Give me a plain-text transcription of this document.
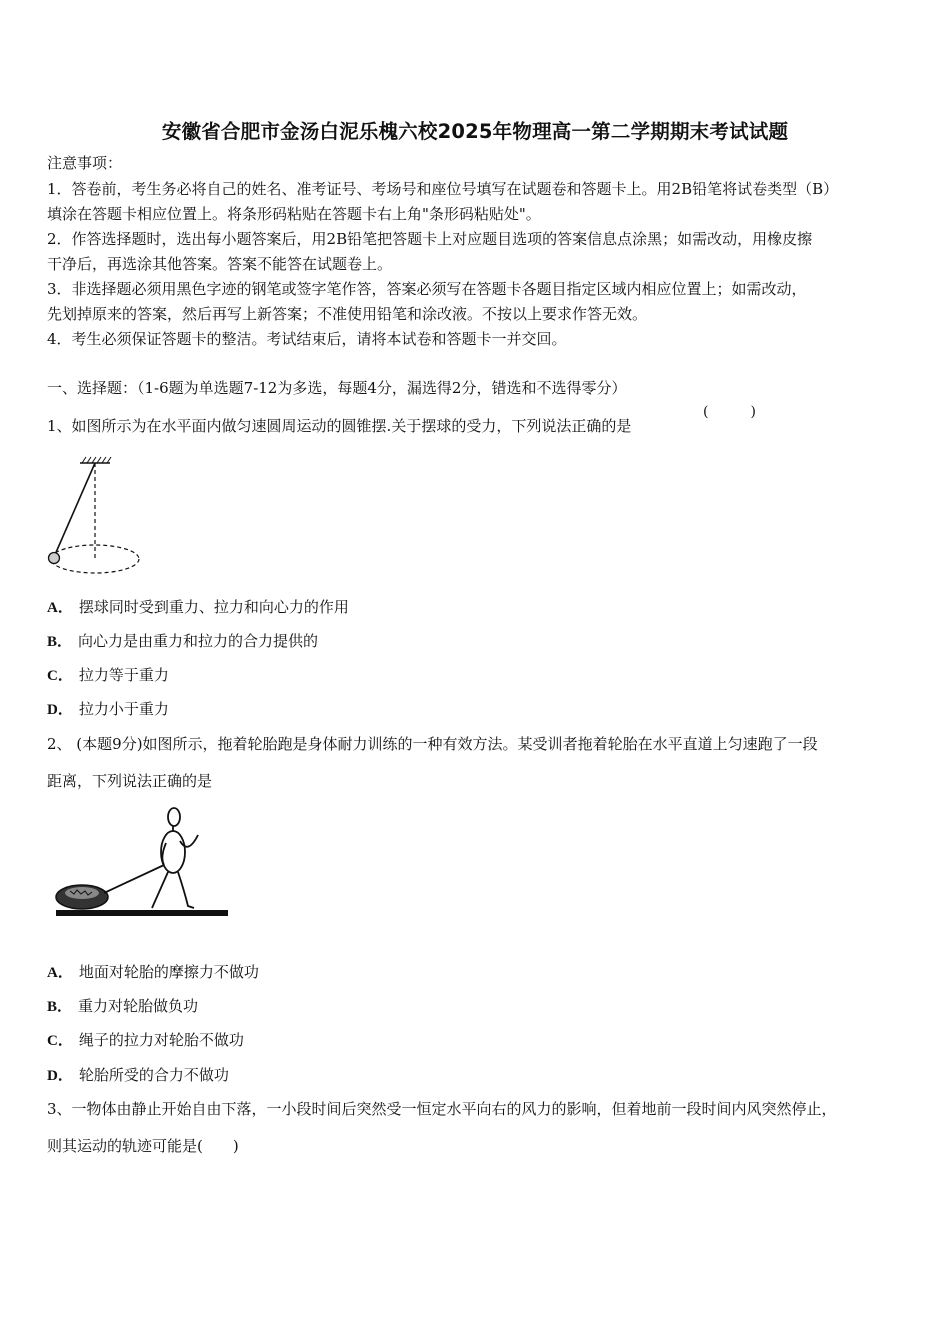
安徽省合肥市金汤白泥乐槐六校2025年物理高一第二学期期末考试试题
注意事项：
1．答卷前，考生务必将自己的姓名、准考证号、考场号和座位号填写在试题卷和答题卡上。用2B铅笔将试卷类型（B）
填涂在答题卡相应位置上。将条形码粘贴在答题卡右上角"条形码粘贴处"。
2．作答选择题时，选出每小题答案后，用2B铅笔把答题卡上对应题目选项的答案信息点涂黑；如需改动，用橡皮擦
干净后，再选涂其他答案。答案不能答在试题卷上。
3．非选择题必须用黑色字迹的钢笔或签字笔作答，答案必须写在答题卡各题目指定区域内相应位置上；如需改动，
先划掉原来的答案，然后再写上新答案；不准使用铅笔和涂改液。不按以上要求作答无效。
4．考生必须保证答题卡的整洁。考试结束后，请将本试卷和答题卡一并交回。
一、选择题：（1-6题为单选题7-12为多选，每题4分，漏选得2分，错选和不选得零分）
1、如图所示为在水平面内做匀速圆周运动的圆锥摆.关于摆球的受力，下列说法正确的是
(　　　)
A． 摆球同时受到重力、拉力和向心力的作用
B． 向心力是由重力和拉力的合力提供的
C． 拉力等于重力
D． 拉力小于重力
2、 (本题9分)如图所示，拖着轮胎跑是身体耐力训练的一种有效方法。某受训者拖着轮胎在水平直道上匀速跑了一段
距离，下列说法正确的是
A． 地面对轮胎的摩擦力不做功
B． 重力对轮胎做负功
C． 绳子的拉力对轮胎不做功
D． 轮胎所受的合力不做功
3、一物体由静止开始自由下落，一小段时间后突然受一恒定水平向右的风力的影响，但着地前一段时间内风突然停止，
则其运动的轨迹可能是(　　)
